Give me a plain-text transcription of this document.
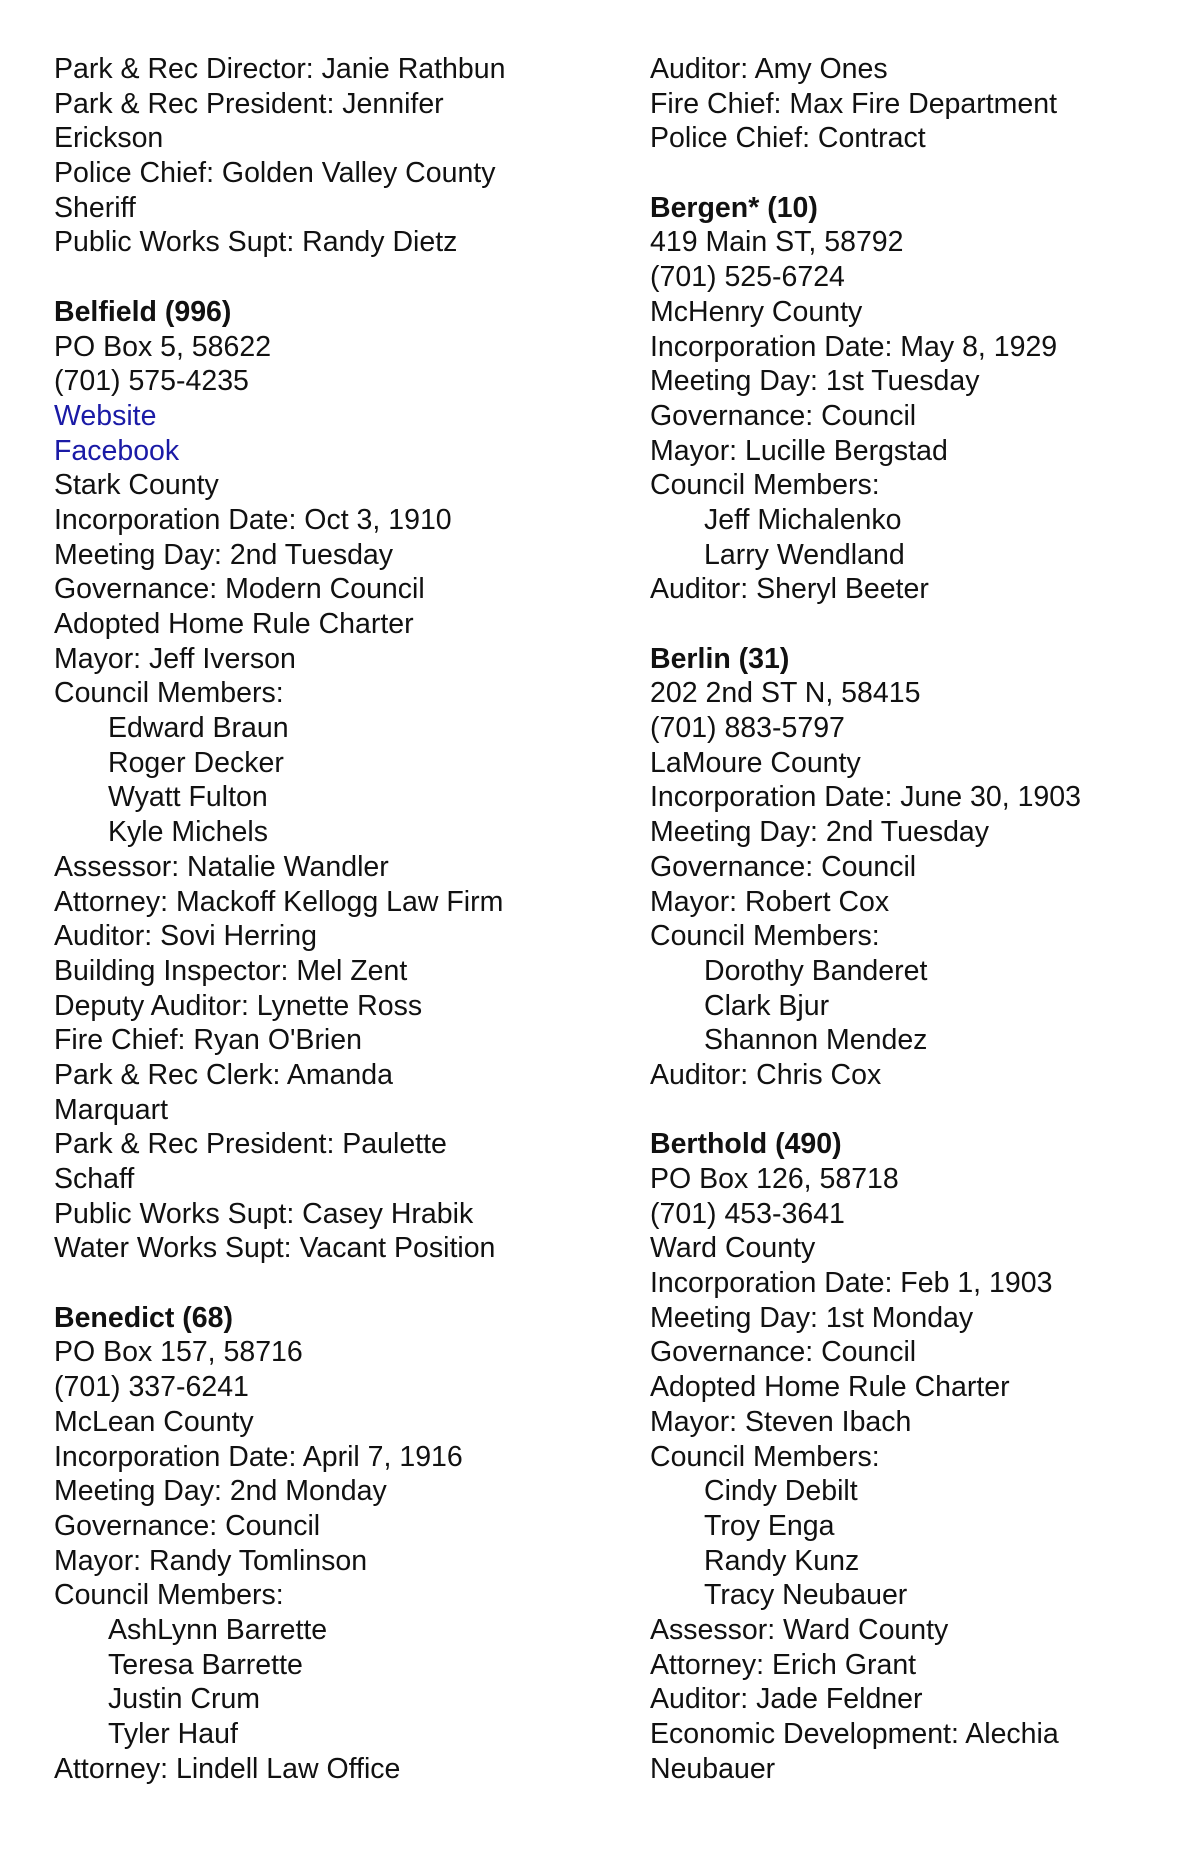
Park & Rec Director: Janie Rathbun
Park & Rec President: Jennifer
Erickson
Police Chief: Golden Valley County
Sheriff
Public Works Supt: Randy Dietz
Belfield (996)
PO Box 5, 58622
(701) 575-4235
Website
Facebook
Stark County
Incorporation Date: Oct 3, 1910
Meeting Day: 2nd Tuesday
Governance: Modern Council
Adopted Home Rule Charter
Mayor: Jeff Iverson
Council Members:
Edward Braun
Roger Decker
Wyatt Fulton
Kyle Michels
Assessor: Natalie Wandler
Attorney: Mackoff Kellogg Law Firm
Auditor: Sovi Herring
Building Inspector: Mel Zent
Deputy Auditor: Lynette Ross
Fire Chief: Ryan O'Brien
Park & Rec Clerk: Amanda
Marquart
Park & Rec President: Paulette
Schaff
Public Works Supt: Casey Hrabik
Water Works Supt: Vacant Position
Benedict (68)
PO Box 157, 58716
(701) 337-6241
McLean County
Incorporation Date: April 7, 1916
Meeting Day: 2nd Monday
Governance: Council
Mayor: Randy Tomlinson
Council Members:
AshLynn Barrette
Teresa Barrette
Justin Crum
Tyler Hauf
Attorney: Lindell Law Office
Auditor: Amy Ones
Fire Chief: Max Fire Department
Police Chief: Contract
Bergen* (10)
419 Main ST, 58792
(701) 525-6724
McHenry County
Incorporation Date: May 8, 1929
Meeting Day: 1st Tuesday
Governance: Council
Mayor: Lucille Bergstad
Council Members:
Jeff Michalenko
Larry Wendland
Auditor: Sheryl Beeter
Berlin (31)
202 2nd ST N, 58415
(701) 883-5797
LaMoure County
Incorporation Date: June 30, 1903
Meeting Day: 2nd Tuesday
Governance: Council
Mayor: Robert Cox
Council Members:
Dorothy Banderet
Clark Bjur
Shannon Mendez
Auditor: Chris Cox
Berthold (490)
PO Box 126, 58718
(701) 453-3641
Ward County
Incorporation Date: Feb 1, 1903
Meeting Day: 1st Monday
Governance: Council
Adopted Home Rule Charter
Mayor: Steven Ibach
Council Members:
Cindy Debilt
Troy Enga
Randy Kunz
Tracy Neubauer
Assessor: Ward County
Attorney: Erich Grant
Auditor: Jade Feldner
Economic Development: Alechia
Neubauer
